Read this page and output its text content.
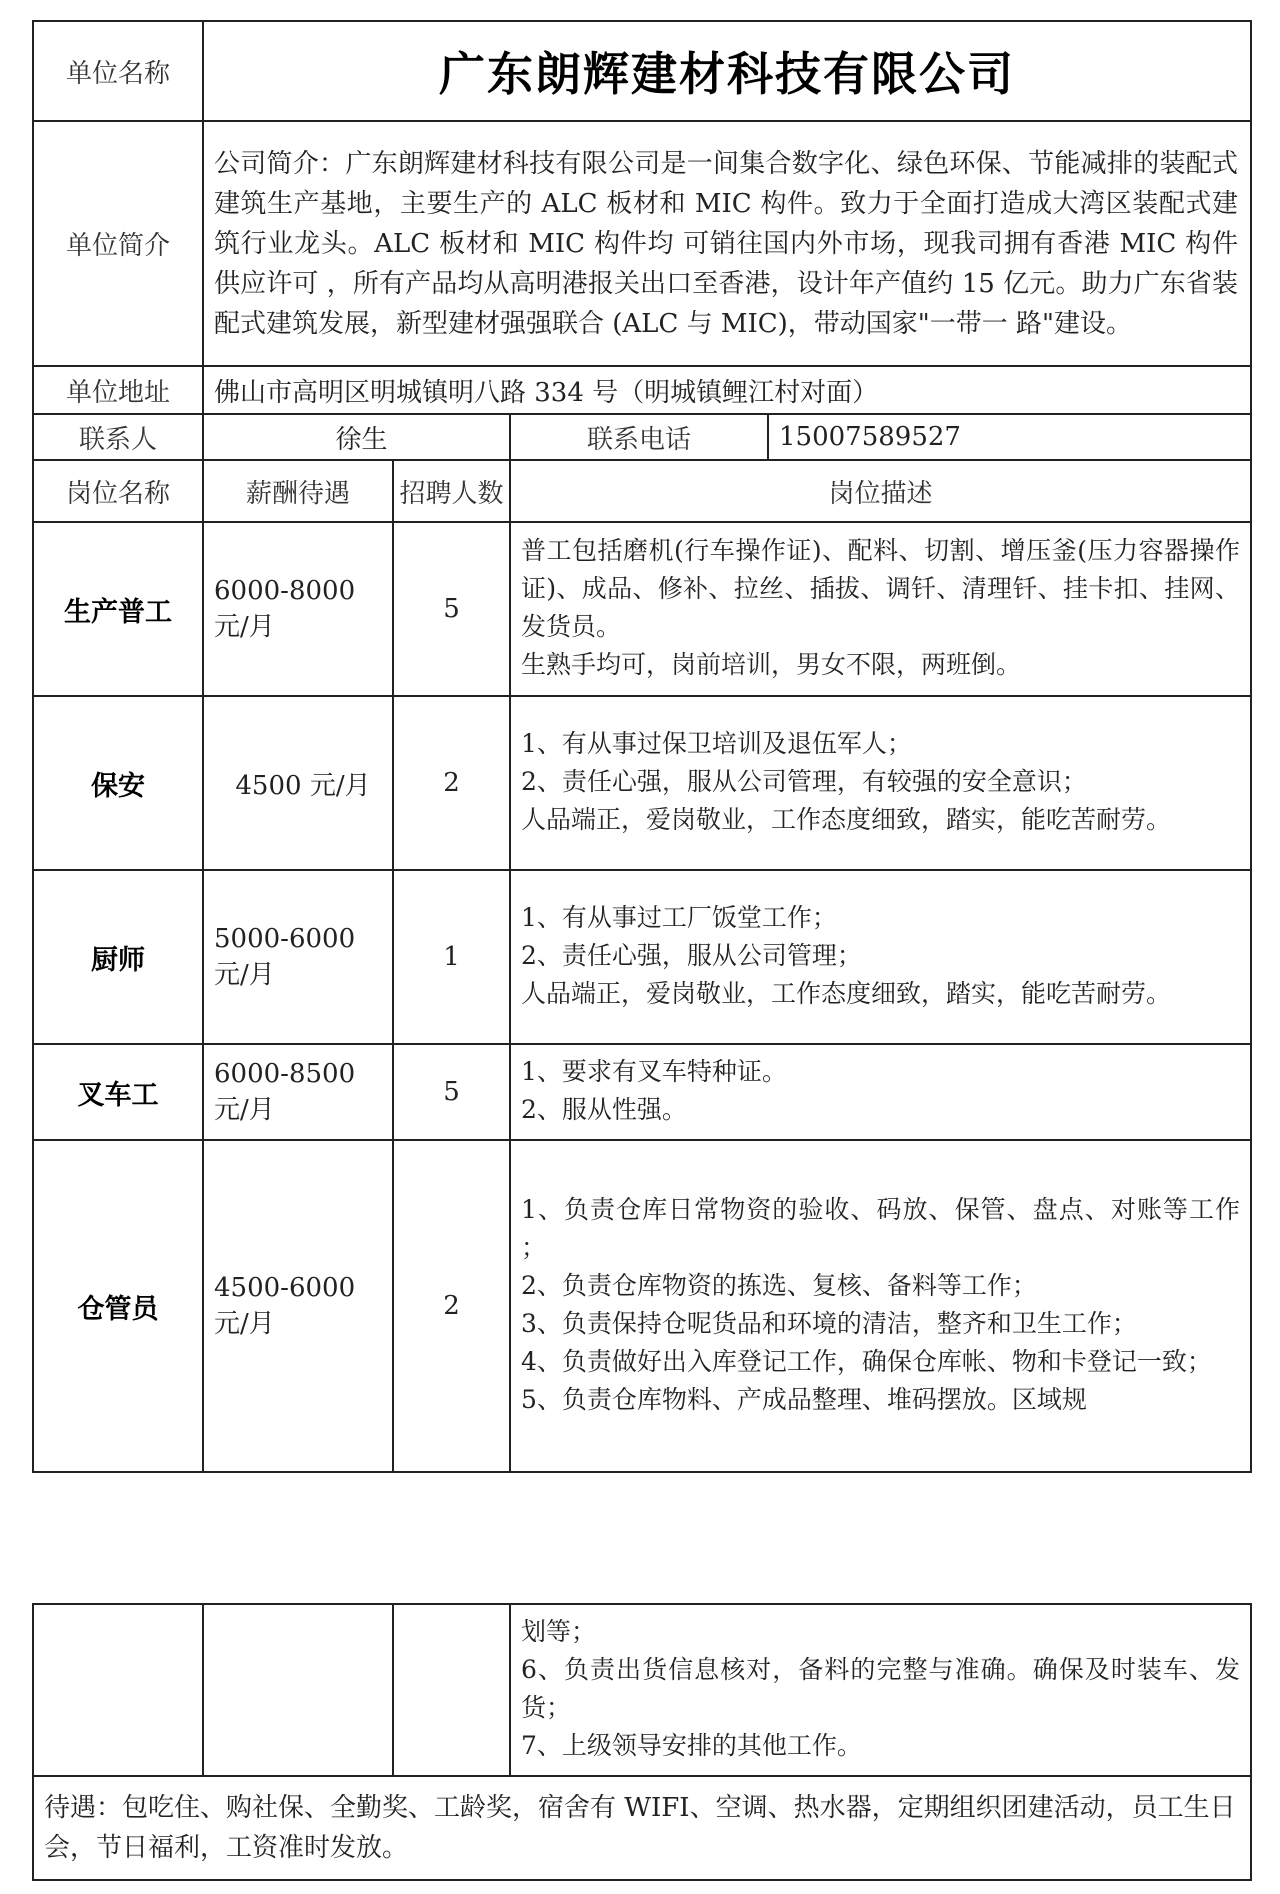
单位名称	广东朗辉建材科技有限公司			
单位简介	公司简介：广东朗辉建材科技有限公司是一间集合数字化、绿色环保、节能减排的装配式建筑生产基地，主要生产的 ALC 板材和 MIC 构件。致力于全面打造成大湾区装配式建筑行业龙头。ALC 板材和 MIC 构件均 可销往国内外市场，现我司拥有香港 MIC 构件供应许可 ，所有产品均从高明港报关出口至香港，设计年产值约 15 亿元。助力广东省装配式建筑发展，新型建材强强联合 (ALC 与 MIC)，带动国家"一带一 路"建设。			
单位地址	佛山市高明区明城镇明八路 334 号（明城镇鲤江村对面）			
联系人	徐生		联系电话	15007589527
岗位名称	薪酬待遇	招聘人数	岗位描述	
生产普工	6000-8000 元/月	5	普工包括磨机(行车操作证)、配料、切割、增压釜(压力容器操作证)、成品、修补、拉丝、插拔、调钎、清理钎、挂卡扣、挂网、发货员。
生熟手均可，岗前培训，男女不限，两班倒。	

保安	4500 元/月	2	1、有从事过保卫培训及退伍军人；
2、责任心强，服从公司管理，有较强的安全意识；
人品端正，爱岗敬业，工作态度细致，踏实，能吃苦耐劳。	

厨师	5000-6000 元/月	1	1、有从事过工厂饭堂工作；
2、责任心强，服从公司管理；
人品端正，爱岗敬业，工作态度细致，踏实，能吃苦耐劳。	

叉车工	6000-8500 元/月	5	1、要求有叉车特种证。
2、服从性强。	

仓管员	4500-6000 元/月	2	1、负责仓库日常物资的验收、码放、保管、盘点、对账等工作 ；
2、负责仓库物资的拣选、复核、备料等工作；
3、负责保持仓呢货品和环境的清洁，整齐和卫生工作；
4、负责做好出入库登记工作，确保仓库帐、物和卡登记一致；
5、负责仓库物料、产成品整理、堆码摆放。区域规	

划等；
6、负责出货信息核对，备料的完整与准确。确保及时装车、发货；
7、上级领导安排的其他工作。

待遇：包吃住、购社保、全勤奖、工龄奖，宿舍有 WIFI、空调、热水器，定期组织团建活动，员工生日会，节日福利，工资准时发放。
